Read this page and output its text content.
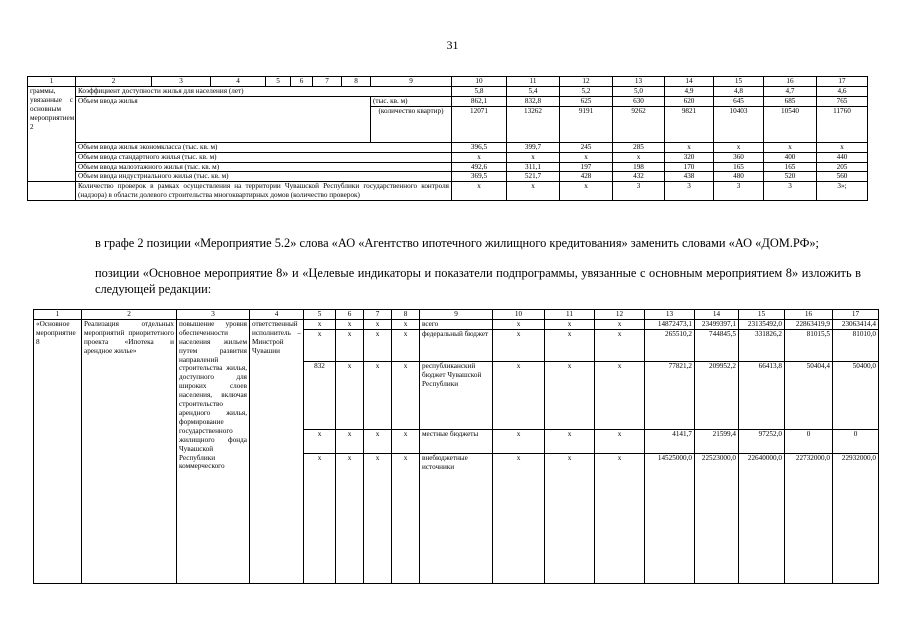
31
1	2	3	4	5	6	7	8	9	10	11	12	13	14	15	16	17
граммы, увязанные с основным мероприятием 2	Коэффициент доступности жилья для населения (лет)								5,8	5,4	5,2	5,0	4,9	4,8	4,7	4,6
	Объем ввода жилья							(тыс. кв. м)	862,1	832,8	625	630	620	645	685	765
								(количество квартир)	12071	13262	9191	9262	9821	10403	10540	11760
	Объем ввода жилья экономкласса (тыс. кв. м)								396,5	399,7	245	285	x	x	x	x
	Объем ввода стандартного жилья (тыс. кв. м)								x	x	x	x	320	360	400	440
	Объем ввода малоэтажного жилья (тыс. кв. м)								492,6	311,1	197	198	170	165	165	205
	Объем ввода индустриального жилья (тыс. кв. м)								369,5	521,7	428	432	438	480	520	560
	Количество проверок в рамках осуществления на территории Чувашской Республики государственного контроля (надзора) в области долевого строительства многоквартирных домов (количество проверок)								x	x	x	3	3	3	3	3»;
в графе 2 позиции «Мероприятие 5.2» слова «АО «Агентство ипотечного жилищного кредитования» заменить словами «АО «ДОМ.РФ»;
позиции «Основное мероприятие 8» и «Целевые индикаторы и показатели подпрограммы, увязанные с основным мероприятием 8» изложить в следующей редакции:
1	2	3	4	5	6	7	8	9	10	11	12	13	14	15	16	17
«Основное мероприятие 8	Реализация отдельных мероприятий приоритетного проекта «Ипотека и арендное жилье»	повышение уровня обеспеченности населения жильем путем развития направлений строительства жилья, доступного для широких слоев населения, включая строительство арендного жилья, формирование государственного жилищного фонда Чувашской Республики коммерческого	ответственный исполнитель – Минстрой Чувашии	x	x	x	x	всего	x	x	x	14872473,1	23499397,1	23135492,0	22863419,9	23063414,4
				x	x	x	x	федеральный бюджет	x	x	x	265510,2	744845,5	331826,2	81015,5	81010,0
				832	x	x	x	республиканский бюджет Чувашской Республики	x	x	x	77821,2	209952,2	66413,8	50404,4	50400,0
				x	x	x	x	местные бюджеты	x	x	x	4141,7	21599,4	97252,0	0	0
				x	x	x	x	внебюджетные источники	x	x	x	14525000,0	22523000,0	22640000,0	22732000,0	22932000,0
